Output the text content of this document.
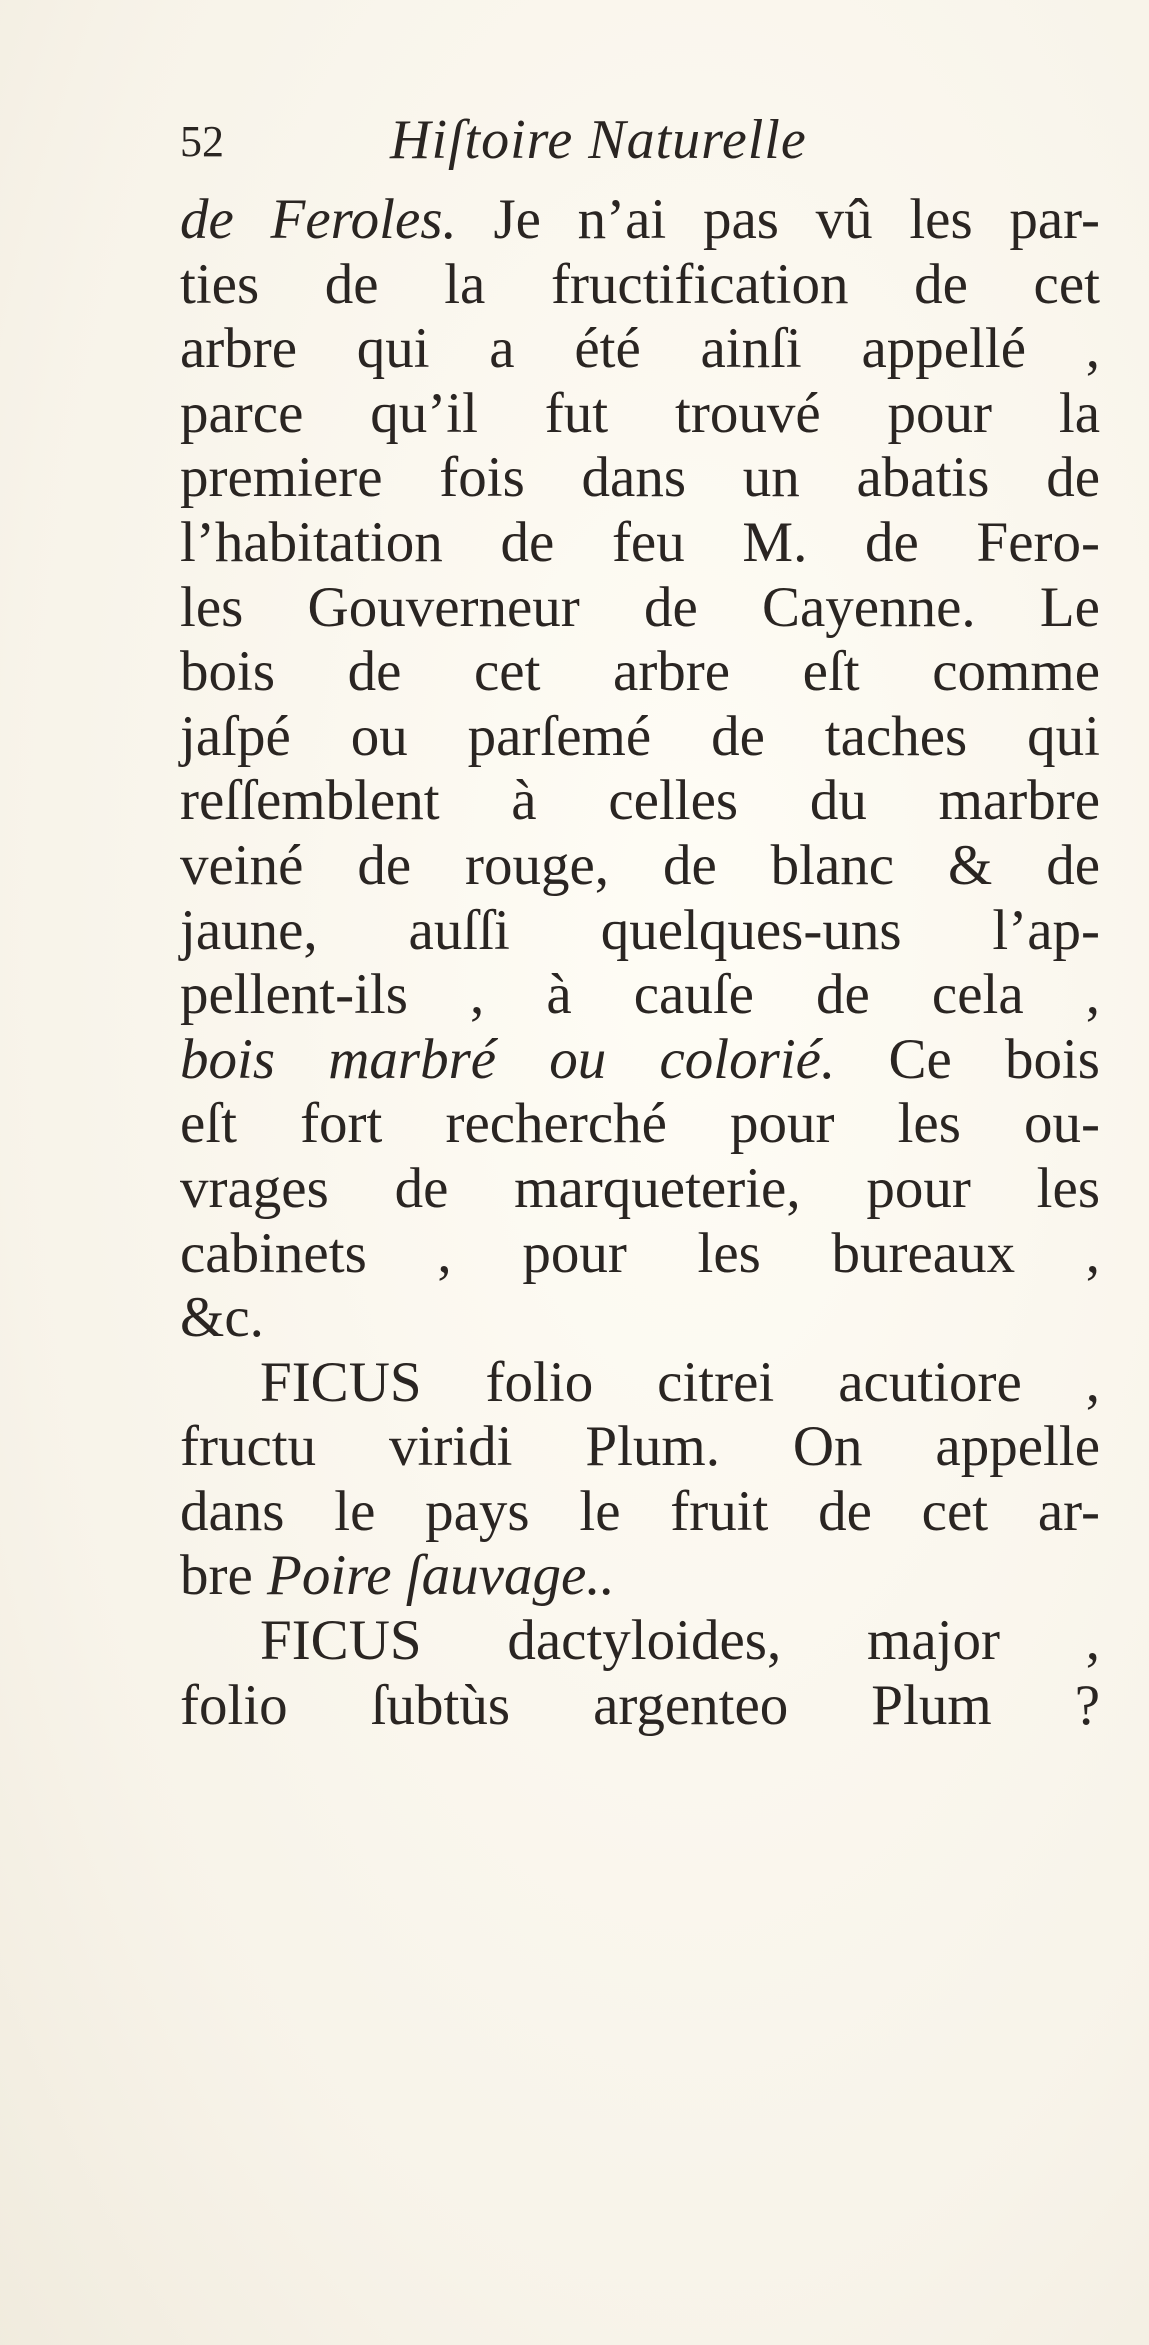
52	Hiſtoire Naturelle
de Feroles. Je n’ai pas vû les par-
ties de la fructification de cet
arbre qui a été ainſi appellé ,
parce qu’il fut trouvé pour la
premiere fois dans un abatis de
l’habitation de feu M. de Fero-
les Gouverneur de Cayenne. Le
bois de cet arbre eſt comme
jaſpé ou parſemé de taches qui
reſſemblent à celles du marbre
veiné de rouge, de blanc & de
jaune, auſſi quelques-uns l’ap-
pellent-ils , à cauſe de cela ,
bois marbré ou colorié. Ce bois
eſt fort recherché pour les ou-
vrages de marqueterie, pour les
cabinets , pour les bureaux ,
&c.
FICUS folio citrei acutiore ,
fructu viridi Plum. On appelle
dans le pays le fruit de cet ar-
bre Poire ſauvage..
FICUS dactyloides, major ,
folio ſubtùs argenteo Plum ?
